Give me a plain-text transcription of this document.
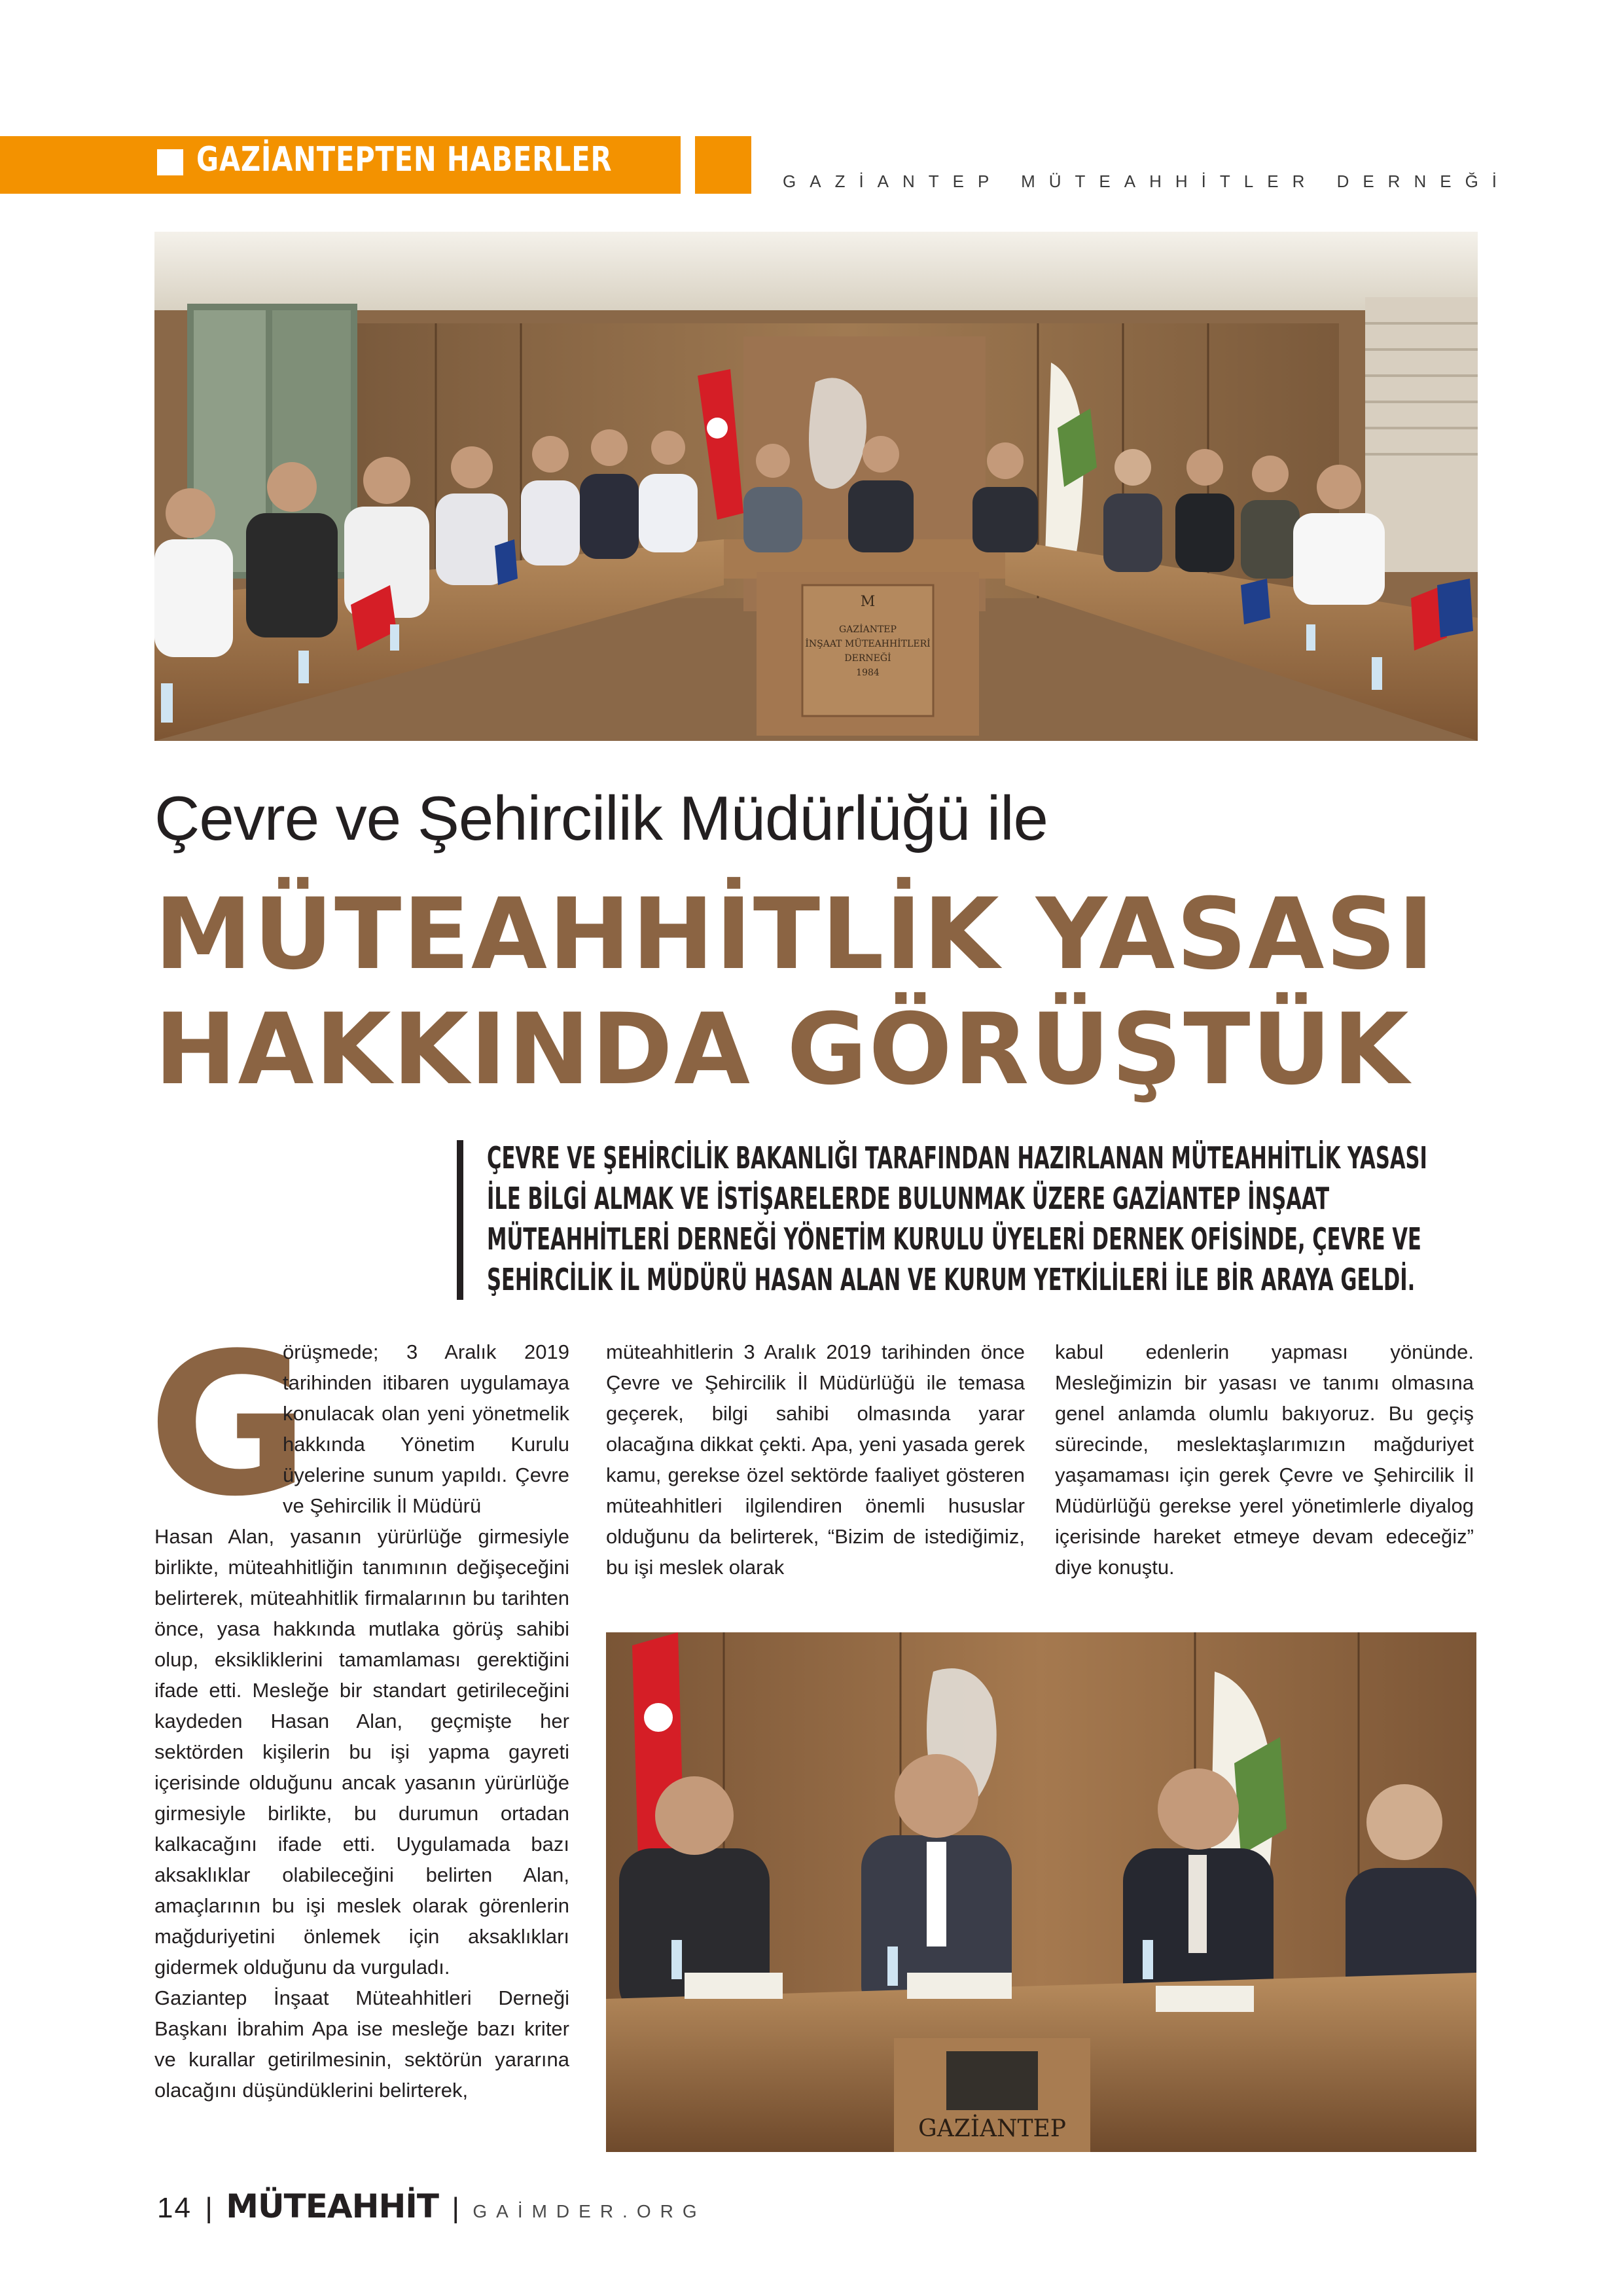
GAZİANTEPTEN HABERLER
GAZİANTEP MÜTEAHHİTLER DERNEĞİ
M
GAZİANTEP
İNŞAAT MÜTEAHHİTLERİ
DERNEĞİ
1984
Çevre ve Şehircilik Müdürlüğü ile
MÜTEAHHİTLİK YASASI
HAKKINDA GÖRÜŞTÜK
ÇEVRE VE ŞEHİRCİLİK BAKANLIĞI TARAFINDAN HAZIRLANAN MÜTEAHHİTLİK YASASI İLE BİLGİ ALMAK VE İSTİŞARELERDE BULUNMAK ÜZERE GAZİANTEP İNŞAAT MÜTEAHHİTLERİ DERNEĞİ YÖNETİM KURULU ÜYELERİ DERNEK OFİSİNDE, ÇEVRE VE ŞEHİRCİLİK İL MÜDÜRÜ HASAN ALAN VE KURUM YETKİLİLERİ İLE BİR ARAYA GELDİ.
G
örüşmede; 3 Aralık 2019 tarihinden itibaren uygulamaya konulacak olan yeni yönetmelik hakkında Yönetim Kurulu üyelerine sunum yapıldı. Çevre ve Şehircilik İl Müdürü
Hasan Alan, yasanın yürürlüğe girmesiyle birlikte, müteahhitliğin tanımının değişeceğini belirterek, müteahhitlik firmalarının bu tarihten önce, yasa hakkında mutlaka görüş sahibi olup, eksikliklerini tamamlaması gerektiğini ifade etti. Mesleğe bir standart getirileceğini kaydeden Hasan Alan, geçmişte her sektörden kişilerin bu işi yapma gayreti içerisinde olduğunu ancak yasanın yürürlüğe girmesiyle birlikte, bu durumun ortadan kalkacağını ifade etti. Uygulamada bazı aksaklıklar olabileceğini belirten Alan, amaçlarının bu işi meslek olarak görenlerin mağduriyetini önlemek için aksaklıkları gidermek olduğunu da vurguladı.
Gaziantep İnşaat Müteahhitleri Derneği Başkanı İbrahim Apa ise mesleğe bazı kriter ve kurallar getirilmesinin, sektörün yararına olacağını düşündüklerini belirterek,
müteahhitlerin 3 Aralık 2019 tarihinden önce Çevre ve Şehircilik İl Müdürlüğü ile temasa geçerek, bilgi sahibi olmasında yarar olacağına dikkat çekti. Apa, yeni yasada gerek kamu, gerekse özel sektörde faaliyet gösteren müteahhitleri ilgilendiren önemli hususlar olduğunu da belirterek, “Bizim de istediğimiz, bu işi meslek olarak
kabul edenlerin yapması yönünde. Mesleğimizin bir yasası ve tanımı olmasına genel anlamda olumlu bakıyoruz. Bu geçiş sürecinde, meslektaşlarımızın mağduriyet yaşamaması için gerek Çevre ve Şehircilik İl Müdürlüğü gerekse yerel yönetimlerle diyalog içerisinde hareket etmeye devam edeceğiz” diye konuştu.
GAZİANTEP
14 | MÜTEAHHİT | GAİMDER.ORG
